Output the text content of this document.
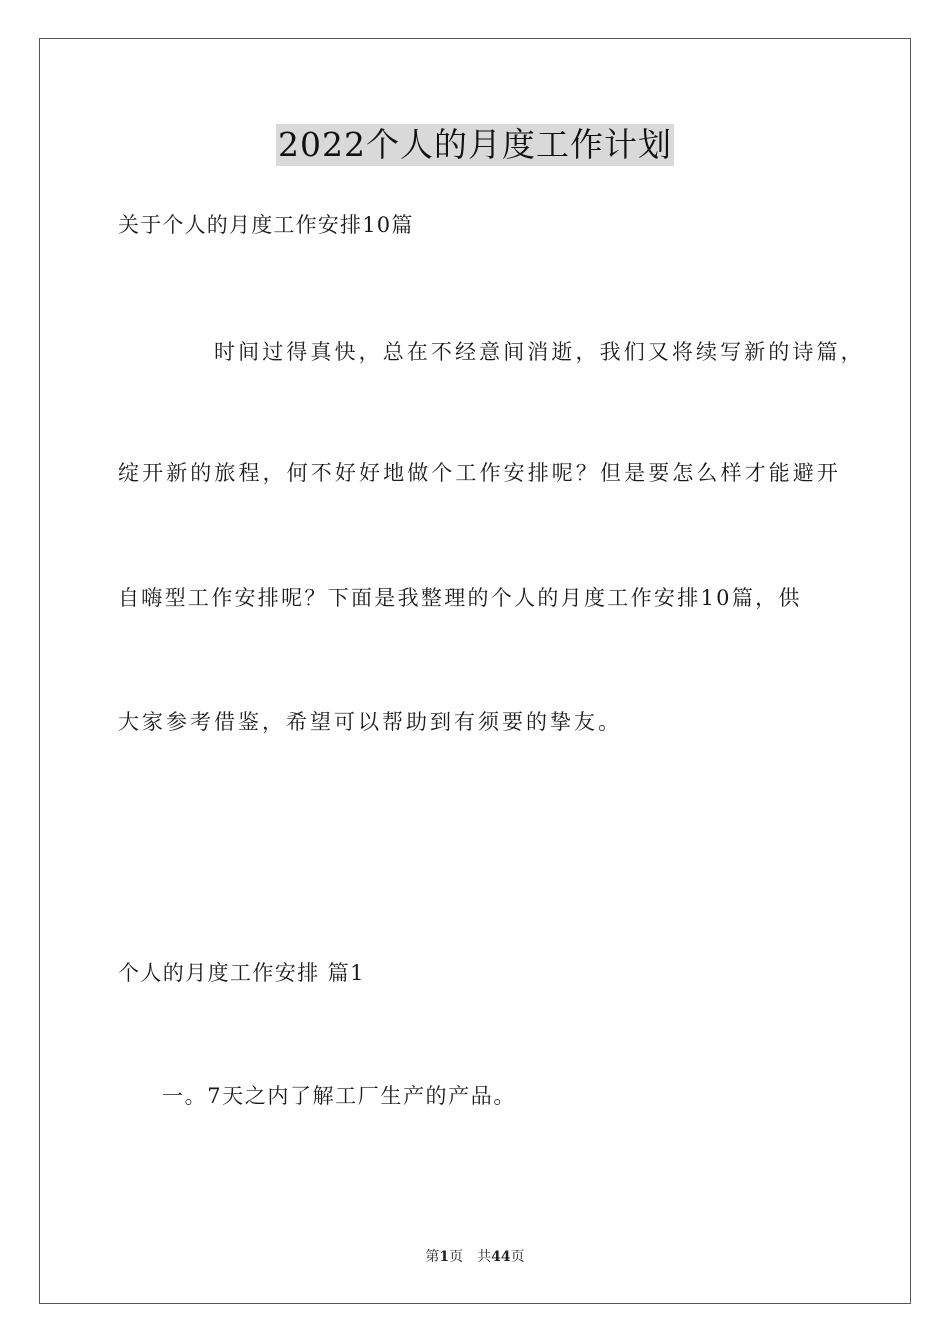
2022个人的月度工作计划
关于个人的月度工作安排10篇
时间过得真快，总在不经意间消逝，我们又将续写新的诗篇，
绽开新的旅程，何不好好地做个工作安排呢？但是要怎么样才能避开
自嗨型工作安排呢？下面是我整理的个人的月度工作安排10篇，供
大家参考借鉴，希望可以帮助到有须要的挚友。
个人的月度工作安排 篇1
一。7天之内了解工厂生产的产品。
第1页 共44页
